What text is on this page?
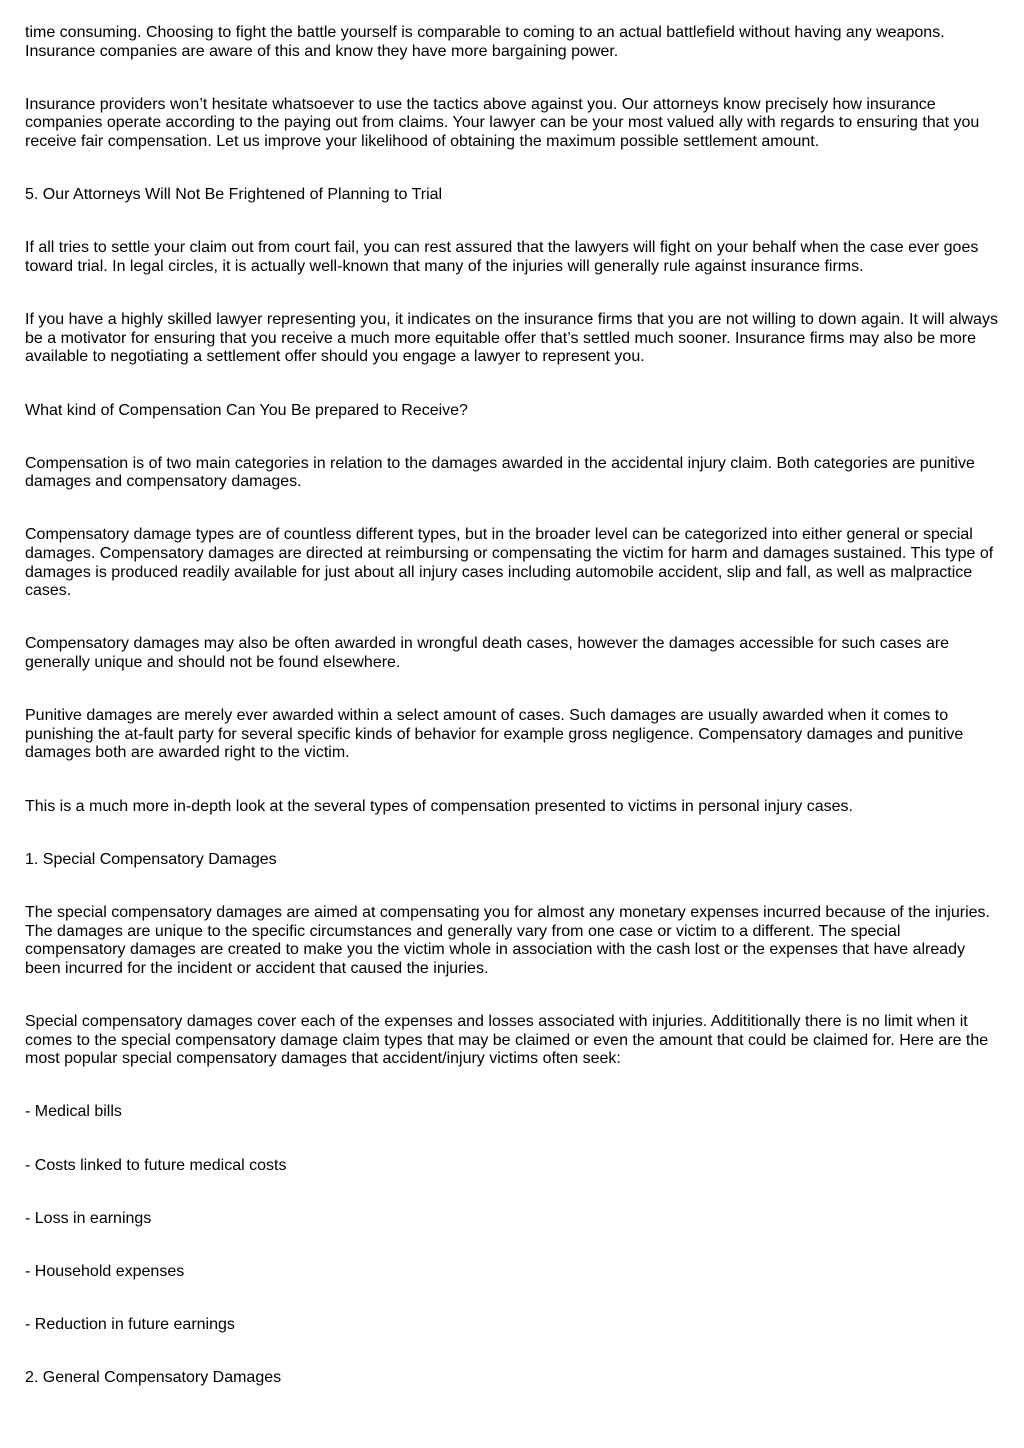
time consuming. Choosing to fight the battle yourself is comparable to coming to an actual battlefield without having any weapons. Insurance companies are aware of this and know they have more bargaining power.

Insurance providers won’t hesitate whatsoever to use the tactics above against you. Our attorneys know precisely how insurance companies operate according to the paying out from claims. Your lawyer can be your most valued ally with regards to ensuring that you receive fair compensation. Let us improve your likelihood of obtaining the maximum possible settlement amount.

5. Our Attorneys Will Not Be Frightened of Planning to Trial

If all tries to settle your claim out from court fail, you can rest assured that the lawyers will fight on your behalf when the case ever goes toward trial. In legal circles, it is actually well-known that many of the injuries will generally rule against insurance firms.

If you have a highly skilled lawyer representing you, it indicates on the insurance firms that you are not willing to down again. It will always be a motivator for ensuring that you receive a much more equitable offer that’s settled much sooner. Insurance firms may also be more available to negotiating a settlement offer should you engage a lawyer to represent you.

What kind of Compensation Can You Be prepared to Receive?

Compensation is of two main categories in relation to the damages awarded in the accidental injury claim. Both categories are punitive damages and compensatory damages.

Compensatory damage types are of countless different types, but in the broader level can be categorized into either general or special damages. Compensatory damages are directed at reimbursing or compensating the victim for harm and damages sustained. This type of damages is produced readily available for just about all injury cases including automobile accident, slip and fall, as well as malpractice cases.

Compensatory damages may also be often awarded in wrongful death cases, however the damages accessible for such cases are generally unique and should not be found elsewhere.

Punitive damages are merely ever awarded within a select amount of cases. Such damages are usually awarded when it comes to punishing the at-fault party for several specific kinds of behavior for example gross negligence. Compensatory damages and punitive damages both are awarded right to the victim.

This is a much more in-depth look at the several types of compensation presented to victims in personal injury cases.

1. Special Compensatory Damages

The special compensatory damages are aimed at compensating you for almost any monetary expenses incurred because of the injuries. The damages are unique to the specific circumstances and generally vary from one case or victim to a different. The special compensatory damages are created to make you the victim whole in association with the cash lost or the expenses that have already been incurred for the incident or accident that caused the injuries.

Special compensatory damages cover each of the expenses and losses associated with injuries. Addititionally there is no limit when it comes to the special compensatory damage claim types that may be claimed or even the amount that could be claimed for. Here are the most popular special compensatory damages that accident/injury victims often seek:

- Medical bills

- Costs linked to future medical costs

- Loss in earnings

- Household expenses

- Reduction in future earnings

2. General Compensatory Damages
